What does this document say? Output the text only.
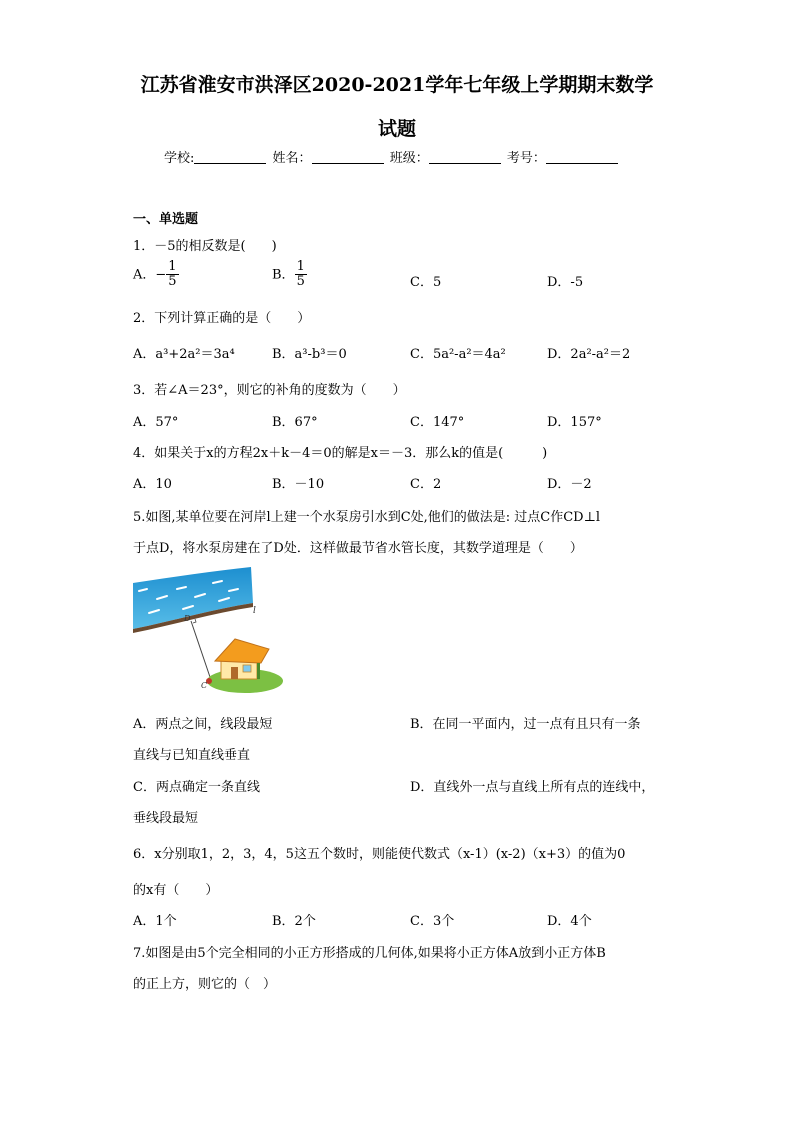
江苏省淮安市洪泽区2020-2021学年七年级上学期期末数学
试题
学校:	姓名：	班级：	考号：
一、单选题
1．－5的相反数是(　　)
A．− $\frac{1}{5}$	B． $\frac{1}{5}$	C．5	D．-5
2．下列计算正确的是（　　）
A．a³+2a²＝3a⁴	B．a³-b³＝0	C．5a²-a²＝4a²	D．2a²-a²＝2
3．若∠A＝23°，则它的补角的度数为（　　）
A．57°	B．67°	C．147°	D．157°
4．如果关于x的方程2x＋k－4＝0的解是x＝－3．那么k的值是(　　　)
A．10	B．－10	C．2	D．－2
5.如图,某单位要在河岸l上建一个水泵房引水到C处,他们的做法是: 过点C作CD⊥l
于点D，将水泵房建在了D处．这样做最节省水管长度，其数学道理是（　　）
l
D
C
A．两点之间，线段最短	B．在同一平面内，过一点有且只有一条
直线与已知直线垂直
C．两点确定一条直线	D．直线外一点与直线上所有点的连线中，
垂线段最短
6．x分别取1，2，3，4，5这五个数时，则能使代数式（x-1）(x-2)（x+3）的值为0
的x有（　　）
A．1个	B．2个	C．3个	D．4个
7.如图是由5个完全相同的小正方形搭成的几何体,如果将小正方体A放到小正方体B
的正上方，则它的（　）
